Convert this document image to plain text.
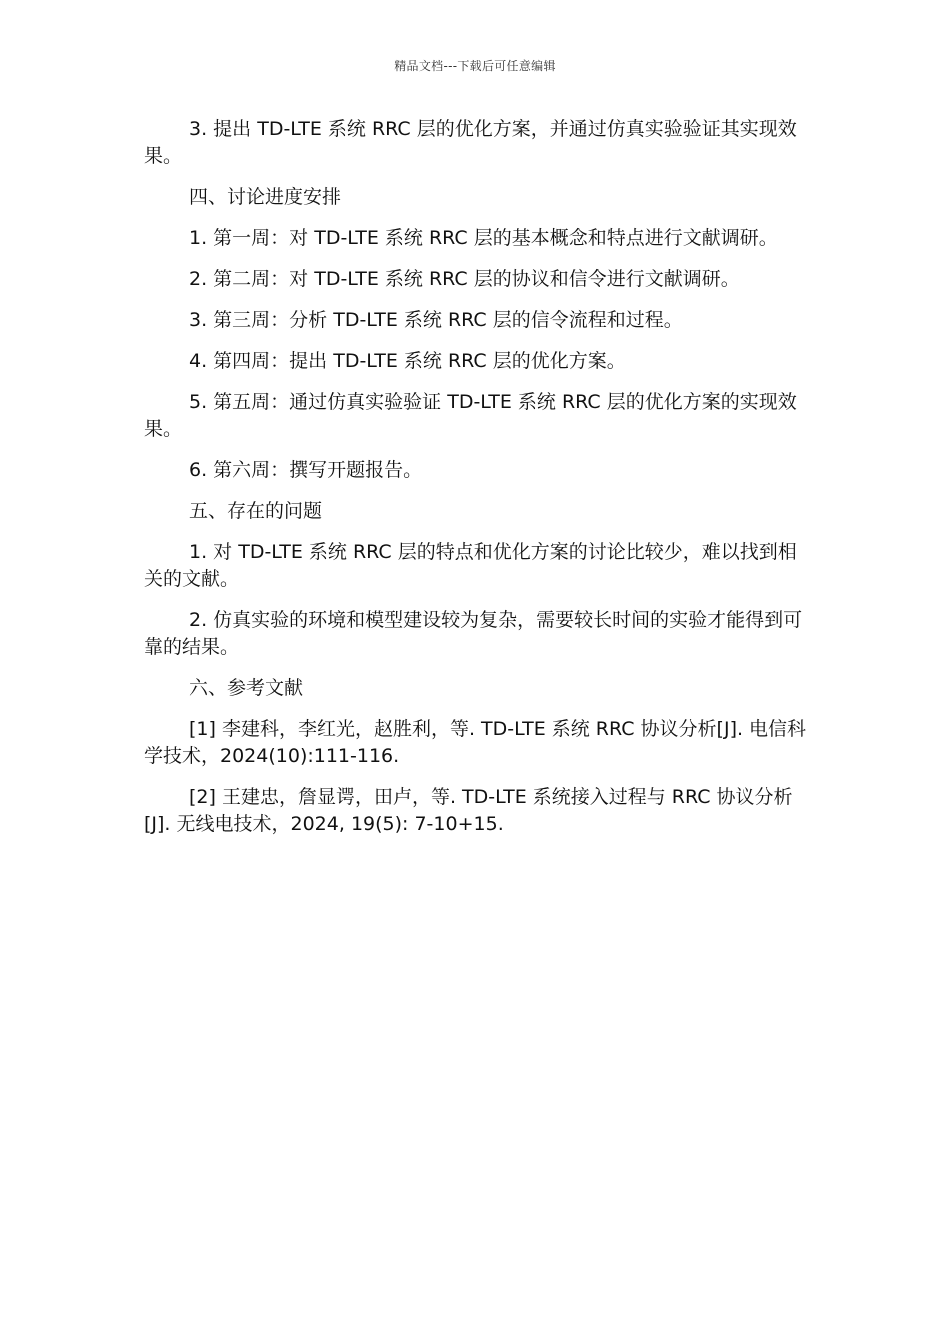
精品文档---下载后可任意编辑

3. 提出 TD-LTE 系统 RRC 层的优化方案，并通过仿真实验验证其实现效果。

四、讨论进度安排

1. 第一周：对 TD-LTE 系统 RRC 层的基本概念和特点进行文献调研。

2. 第二周：对 TD-LTE 系统 RRC 层的协议和信令进行文献调研。

3. 第三周：分析 TD-LTE 系统 RRC 层的信令流程和过程。

4. 第四周：提出 TD-LTE 系统 RRC 层的优化方案。

5. 第五周：通过仿真实验验证 TD-LTE 系统 RRC 层的优化方案的实现效果。

6. 第六周：撰写开题报告。

五、存在的问题

1. 对 TD-LTE 系统 RRC 层的特点和优化方案的讨论比较少，难以找到相关的文献。

2. 仿真实验的环境和模型建设较为复杂，需要较长时间的实验才能得到可靠的结果。

六、参考文献

[1] 李建科，李红光，赵胜利，等. TD-LTE 系统 RRC 协议分析[J]. 电信科学技术，2024(10):111-116.

[2] 王建忠，詹显谔，田卢，等. TD-LTE 系统接入过程与 RRC 协议分析[J]. 无线电技术，2024, 19(5): 7-10+15.
